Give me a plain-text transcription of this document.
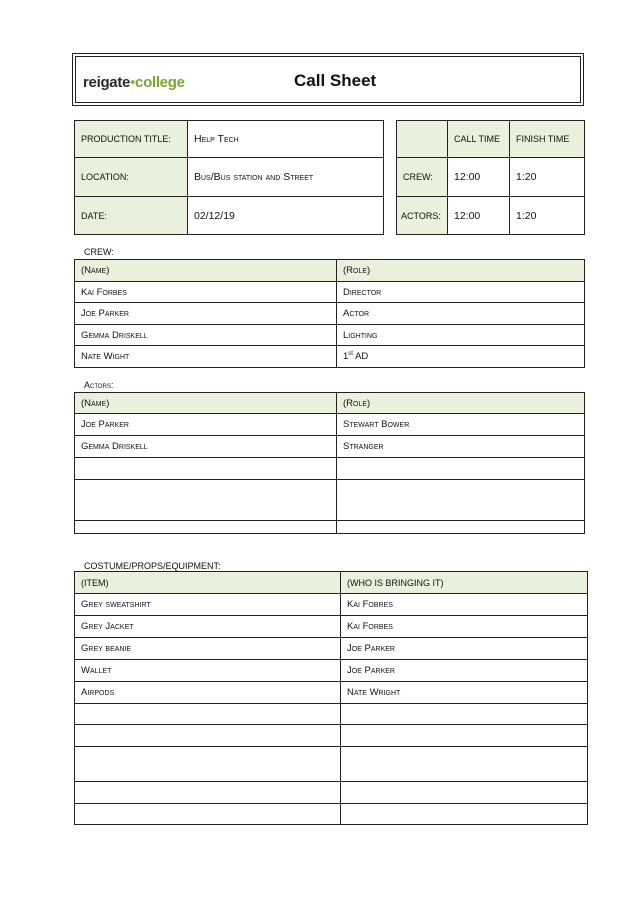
reigate•college	Call Sheet
PRODUCTION TITLE:	Help Tech
LOCATION:	Bus/Bus station and Street
DATE:	02/12/19
	CALL TIME	FINISH TIME
CREW:	12:00	1:20
ACTORS:	12:00	1:20
CREW:
(Name)	(Role)
Kai Forbes	Director
Joe Parker	Actor
Gemma Driskell	Lighting
Nate Wight	1st AD
Actors:
(Name)	(Role)
Joe Parker	Stewart Bower
Gemma Driskell	Stranger

COSTUME/PROPS/EQUIPMENT:
(ITEM)	(WHO IS BRINGING IT)
Grey sweatshirt	Kai Fobres
Grey Jacket	Kai Forbes
Grey beanie	Joe Parker
Wallet	Joe Parker
Airpods	Nate Wright
